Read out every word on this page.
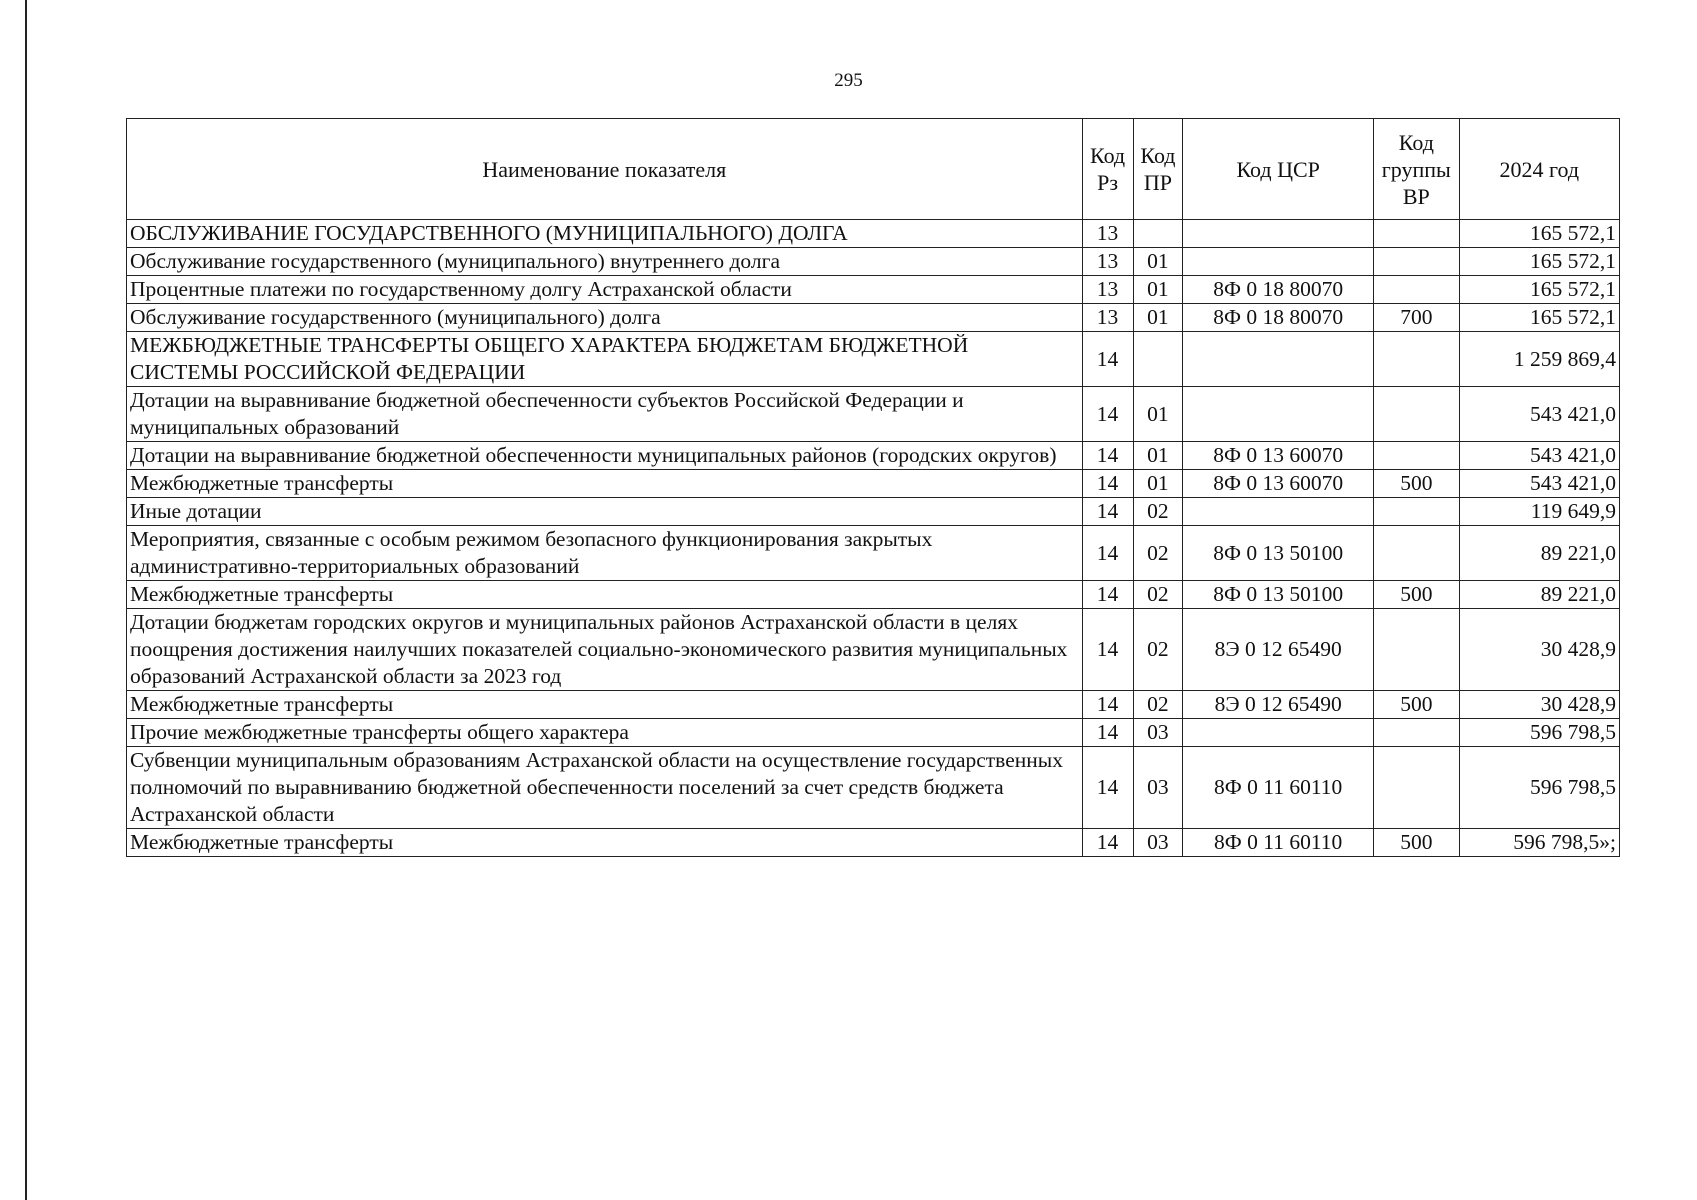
295
Наименование показателя	Код Рз	Код ПР	Код ЦСР	Код группы ВР	2024 год
ОБСЛУЖИВАНИЕ ГОСУДАРСТВЕННОГО (МУНИЦИПАЛЬНОГО) ДОЛГА	13				165 572,1
Обслуживание государственного (муниципального) внутреннего долга	13	01			165 572,1
Процентные платежи по государственному долгу Астраханской области	13	01	8Ф 0 18 80070		165 572,1
Обслуживание государственного (муниципального) долга	13	01	8Ф 0 18 80070	700	165 572,1
МЕЖБЮДЖЕТНЫЕ ТРАНСФЕРТЫ ОБЩЕГО ХАРАКТЕРА БЮДЖЕТАМ БЮДЖЕТНОЙ СИСТЕМЫ РОССИЙСКОЙ ФЕДЕРАЦИИ	14				1 259 869,4
Дотации на выравнивание бюджетной обеспеченности субъектов Российской Федерации и муниципальных образований	14	01			543 421,0
Дотации на выравнивание бюджетной обеспеченности муниципальных районов (городских округов)	14	01	8Ф 0 13 60070		543 421,0
Межбюджетные трансферты	14	01	8Ф 0 13 60070	500	543 421,0
Иные дотации	14	02			119 649,9
Мероприятия, связанные с особым режимом безопасного функционирования закрытых административно-территориальных образований	14	02	8Ф 0 13 50100		89 221,0
Межбюджетные трансферты	14	02	8Ф 0 13 50100	500	89 221,0
Дотации бюджетам городских округов и муниципальных районов Астраханской области в целях поощрения достижения наилучших показателей социально-экономического развития муниципальных образований Астраханской области за 2023 год	14	02	8Э 0 12 65490		30 428,9
Межбюджетные трансферты	14	02	8Э 0 12 65490	500	30 428,9
Прочие межбюджетные трансферты общего характера	14	03			596 798,5
Субвенции муниципальным образованиям Астраханской области на осуществление государственных полномочий по выравниванию бюджетной обеспеченности поселений за счет средств бюджета Астраханской области	14	03	8Ф 0 11 60110		596 798,5
Межбюджетные трансферты	14	03	8Ф 0 11 60110	500	596 798,5»;
